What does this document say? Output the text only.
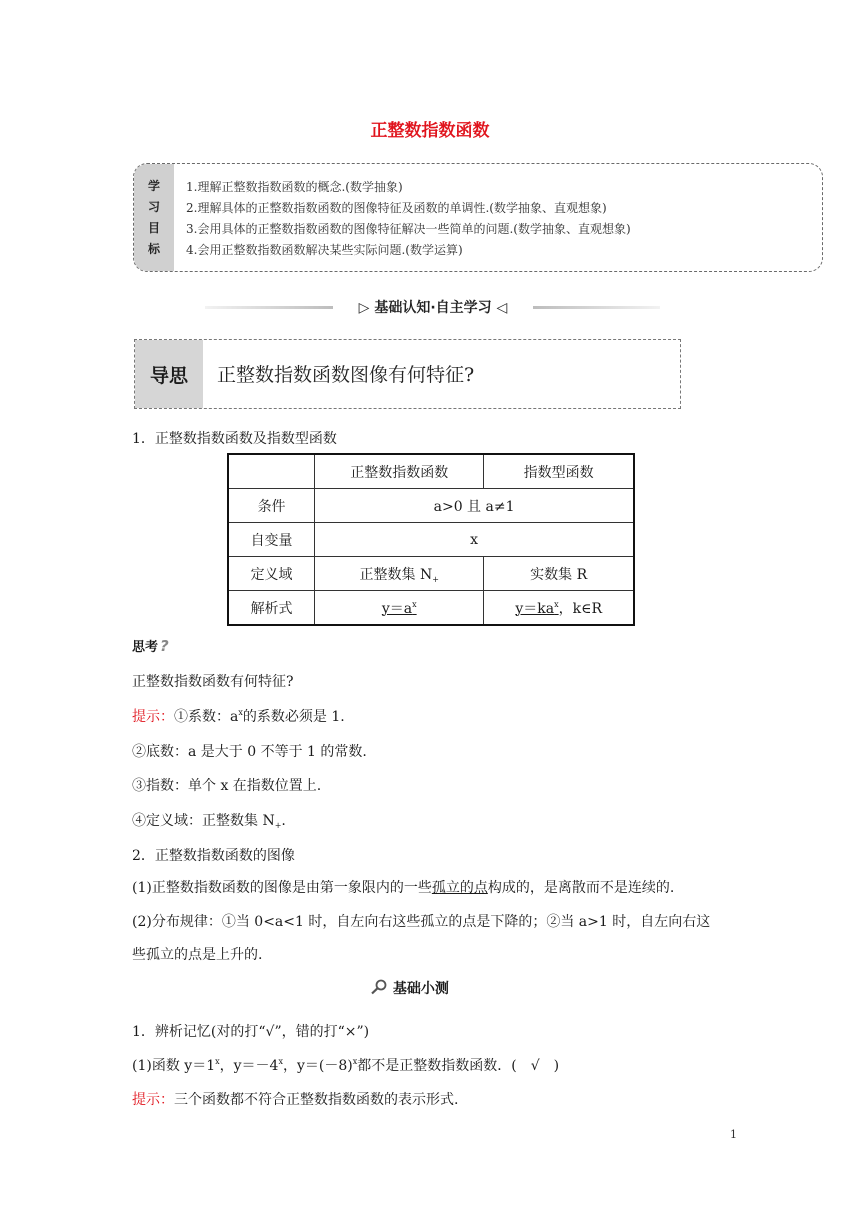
正整数指数函数
学
习
目
标
1.理解正整数指数函数的概念.(数学抽象)
2.理解具体的正整数指数函数的图像特征及函数的单调性.(数学抽象、直观想象)
3.会用具体的正整数指数函数的图像特征解决一些简单的问题.(数学抽象、直观想象)
4.会用正整数指数函数解决某些实际问题.(数学运算)
▷ 基础认知·自主学习 ◁
导思	正整数指数函数图像有何特征?
1．正整数指数函数及指数型函数
	正整数指数函数	指数型函数
条件	a>0 且 a≠1	
自变量	x	
定义域	正整数集 $N_+$	实数集 R
解析式	$y=a^x$	$y=ka^x$，k∈R
思考 ?
正整数指数函数有何特征?
提示：①系数：$a^x$的系数必须是 1.
②底数：a 是大于 0 不等于 1 的常数.
③指数：单个 x 在指数位置上.
④定义域：正整数集 $N_+$.
2．正整数指数函数的图像
(1)正整数指数函数的图像是由第一象限内的一些孤立的点构成的，是离散而不是连续的.
(2)分布规律：①当 0<a<1 时，自左向右这些孤立的点是下降的；②当 a>1 时，自左向右这
些孤立的点是上升的.
基础小测
1．辨析记忆(对的打“√”，错的打“×”)
(1)函数 $y=1^x$，$y=-4^x$，$y=(-8)^x$都不是正整数指数函数．(　√　)
提示：三个函数都不符合正整数指数函数的表示形式.
1
